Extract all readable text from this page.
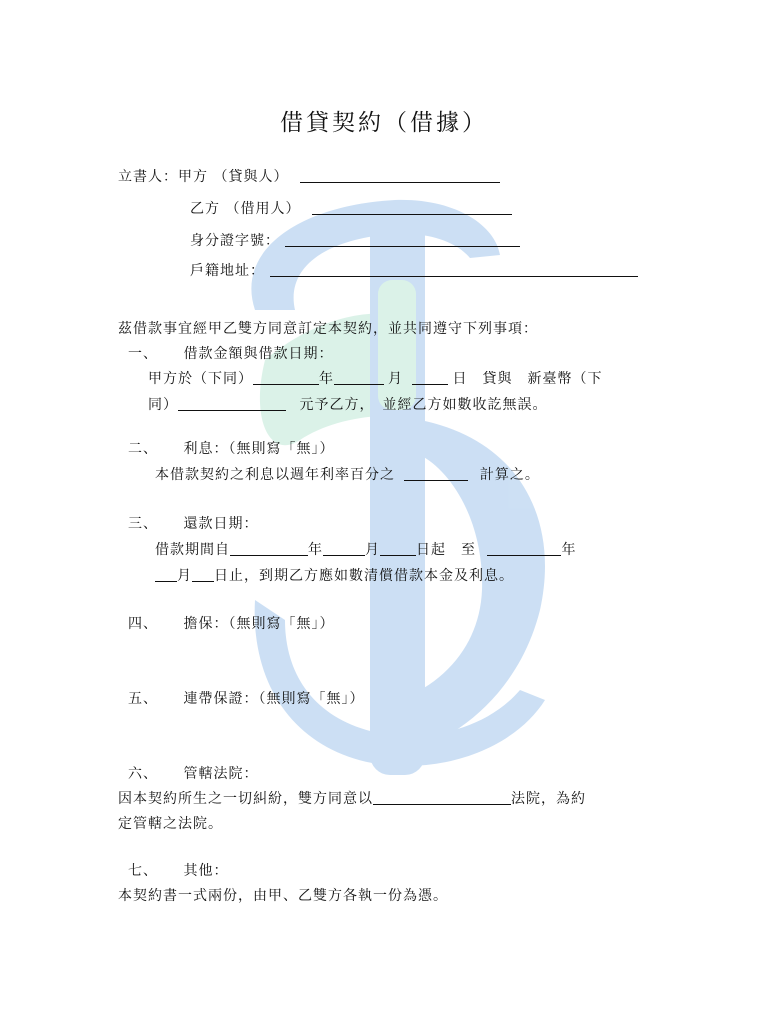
借貸契約（借據）
立書人：甲方 （貸與人）
乙方 （借用人）
身分證字號：
戶籍地址：
茲借款事宜經甲乙雙方同意訂定本契約，並共同遵守下列事項：
一、 借款金額與借款日期：
甲方於（下同）	年	月	日　貸與　新臺幣（下
同）	元予乙方，　並經乙方如數收訖無誤。
二、 利息：（無則寫「無」）
本借款契約之利息以週年利率百分之	計算之。
三、 還款日期：
借款期間自	年	月	日起　至	年
月 日止，到期乙方應如數清償借款本金及利息。
四、 擔保：（無則寫「無」）
五、 連帶保證：（無則寫「無」）
六、 管轄法院：
因本契約所生之一切糾紛，雙方同意以	法院，為約
定管轄之法院。
七、 其他：
本契約書一式兩份，由甲、乙雙方各執一份為憑。
